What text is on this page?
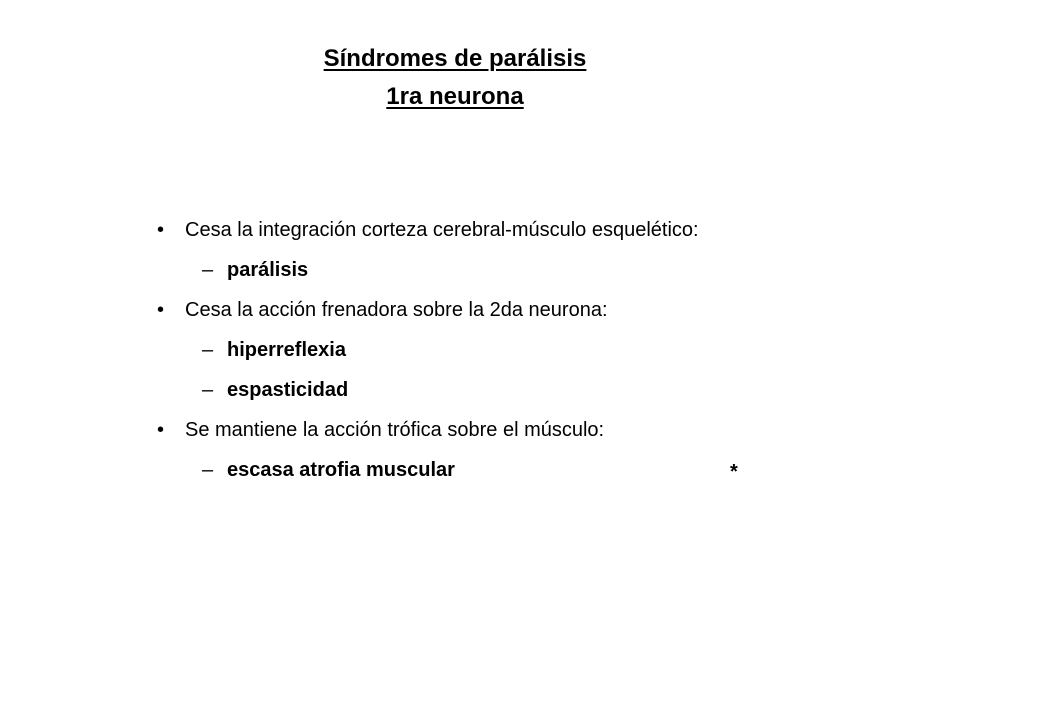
Síndromes de parálisis
1ra neurona
• Cesa la integración corteza cerebral-músculo esquelético:
– parálisis
• Cesa la acción frenadora sobre la 2da neurona:
– hiperreflexia
– espasticidad
• Se mantiene la acción trófica sobre el músculo:
– escasa atrofia muscular	*
